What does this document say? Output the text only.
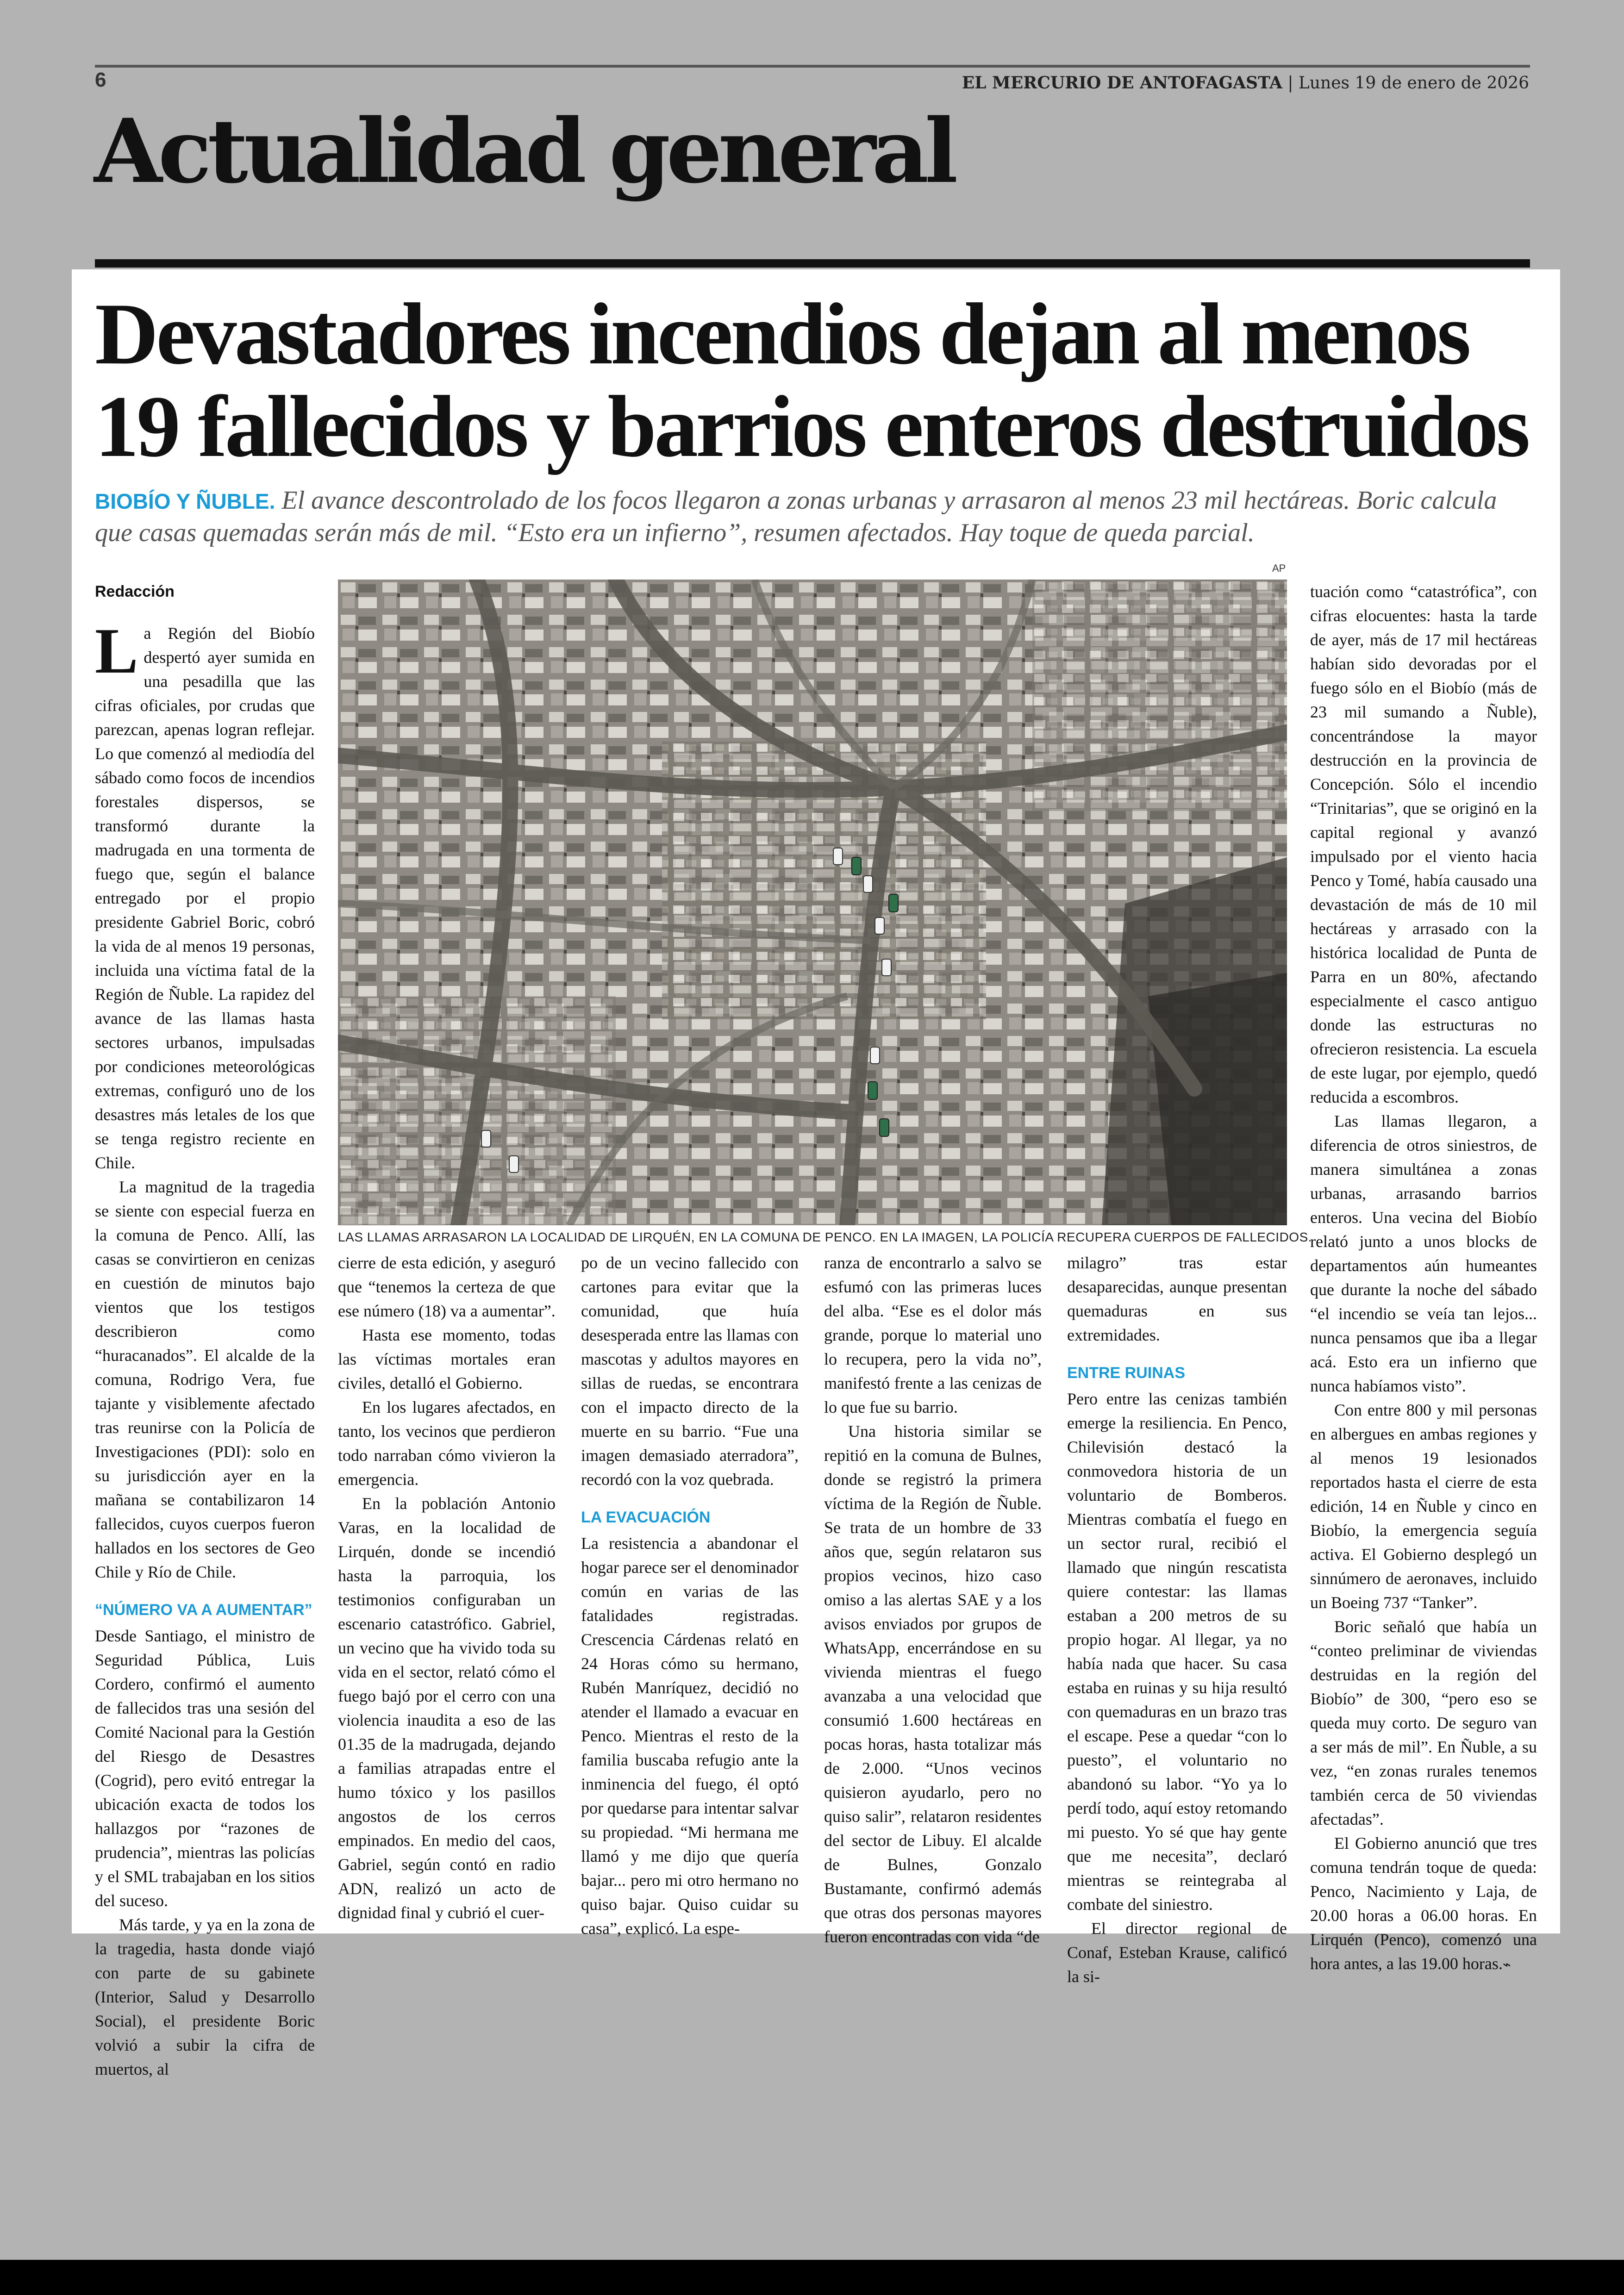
6	EL MERCURIO DE ANTOFAGASTA | Lunes 19 de enero de 2026
Actualidad general
Devastadores incendios dejan al menos
19 fallecidos y barrios enteros destruidos
BIOBÍO Y ÑUBLE. El avance descontrolado de los focos llegaron a zonas urbanas y arrasaron al menos 23 mil hectáreas. Boric calcula que casas quemadas serán más de mil. “Esto era un infierno”, resumen afectados. Hay toque de queda parcial.
AP
LAS LLAMAS ARRASARON LA LOCALIDAD DE LIRQUÉN, EN LA COMUNA DE PENCO. EN LA IMAGEN, LA POLICÍA RECUPERA CUERPOS DE FALLECIDOS.

Redacción

La Región del Biobío despertó ayer sumida en una pesadilla que las cifras oficiales, por crudas que parezcan, apenas logran reflejar. Lo que comenzó al mediodía del sábado como focos de incendios forestales dispersos, se transformó durante la madrugada en una tormenta de fuego que, según el balance entregado por el propio presidente Gabriel Boric, cobró la vida de al menos 19 personas, incluida una víctima fatal de la Región de Ñuble. La rapidez del avance de las llamas hasta sectores urbanos, impulsadas por condiciones meteorológicas extremas, configuró uno de los desastres más letales de los que se tenga registro reciente en Chile.

La magnitud de la tragedia se siente con especial fuerza en la comuna de Penco. Allí, las casas se convirtieron en cenizas en cuestión de minutos bajo vientos que los testigos describieron como “huracanados”. El alcalde de la comuna, Rodrigo Vera, fue tajante y visiblemente afectado tras reunirse con la Policía de Investigaciones (PDI): solo en su jurisdicción ayer en la mañana se contabilizaron 14 fallecidos, cuyos cuerpos fueron hallados en los sectores de Geo Chile y Río de Chile.

“NÚMERO VA A AUMENTAR”

Desde Santiago, el ministro de Seguridad Pública, Luis Cordero, confirmó el aumento de fallecidos tras una sesión del Comité Nacional para la Gestión del Riesgo de Desastres (Cogrid), pero evitó entregar la ubicación exacta de todos los hallazgos por “razones de prudencia”, mientras las policías y el SML trabajaban en los sitios del suceso.

Más tarde, y ya en la zona de la tragedia, hasta donde viajó con parte de su gabinete (Interior, Salud y Desarrollo Social), el presidente Boric volvió a subir la cifra de muertos, al

cierre de esta edición, y aseguró que “tenemos la certeza de que ese número (18) va a aumentar”.

Hasta ese momento, todas las víctimas mortales eran civiles, detalló el Gobierno.

En los lugares afectados, en tanto, los vecinos que perdieron todo narraban cómo vivieron la emergencia.

En la población Antonio Varas, en la localidad de Lirquén, donde se incendió hasta la parroquia, los testimonios configuraban un escenario catastrófico. Gabriel, un vecino que ha vivido toda su vida en el sector, relató cómo el fuego bajó por el cerro con una violencia inaudita a eso de las 01.35 de la madrugada, dejando a familias atrapadas entre el humo tóxico y los pasillos angostos de los cerros empinados. En medio del caos, Gabriel, según contó en radio ADN, realizó un acto de dignidad final y cubrió el cuer-

po de un vecino fallecido con cartones para evitar que la comunidad, que huía desesperada entre las llamas con mascotas y adultos mayores en sillas de ruedas, se encontrara con el impacto directo de la muerte en su barrio. “Fue una imagen demasiado aterradora”, recordó con la voz quebrada.

LA EVACUACIÓN

La resistencia a abandonar el hogar parece ser el denominador común en varias de las fatalidades registradas. Crescencia Cárdenas relató en 24 Horas cómo su hermano, Rubén Manríquez, decidió no atender el llamado a evacuar en Penco. Mientras el resto de la familia buscaba refugio ante la inminencia del fuego, él optó por quedarse para intentar salvar su propiedad. “Mi hermana me llamó y me dijo que quería bajar... pero mi otro hermano no quiso bajar. Quiso cuidar su casa”, explicó. La espe-

ranza de encontrarlo a salvo se esfumó con las primeras luces del alba. “Ese es el dolor más grande, porque lo material uno lo recupera, pero la vida no”, manifestó frente a las cenizas de lo que fue su barrio.

Una historia similar se repitió en la comuna de Bulnes, donde se registró la primera víctima de la Región de Ñuble. Se trata de un hombre de 33 años que, según relataron sus propios vecinos, hizo caso omiso a las alertas SAE y a los avisos enviados por grupos de WhatsApp, encerrándose en su vivienda mientras el fuego avanzaba a una velocidad que consumió 1.600 hectáreas en pocas horas, hasta totalizar más de 2.000. “Unos vecinos quisieron ayudarlo, pero no quiso salir”, relataron residentes del sector de Libuy. El alcalde de Bulnes, Gonzalo Bustamante, confirmó además que otras dos personas mayores fueron encontradas con vida “de

milagro” tras estar desaparecidas, aunque presentan quemaduras en sus extremidades.

ENTRE RUINAS

Pero entre las cenizas también emerge la resiliencia. En Penco, Chilevisión destacó la conmovedora historia de un voluntario de Bomberos. Mientras combatía el fuego en un sector rural, recibió el llamado que ningún rescatista quiere contestar: las llamas estaban a 200 metros de su propio hogar. Al llegar, ya no había nada que hacer. Su casa estaba en ruinas y su hija resultó con quemaduras en un brazo tras el escape. Pese a quedar “con lo puesto”, el voluntario no abandonó su labor. “Yo ya lo perdí todo, aquí estoy retomando mi puesto. Yo sé que hay gente que me necesita”, declaró mientras se reintegraba al combate del siniestro.

El director regional de Conaf, Esteban Krause, calificó la si-

tuación como “catastrófica”, con cifras elocuentes: hasta la tarde de ayer, más de 17 mil hectáreas habían sido devoradas por el fuego sólo en el Biobío (más de 23 mil sumando a Ñuble), concentrándose la mayor destrucción en la provincia de Concepción. Sólo el incendio “Trinitarias”, que se originó en la capital regional y avanzó impulsado por el viento hacia Penco y Tomé, había causado una devastación de más de 10 mil hectáreas y arrasado con la histórica localidad de Punta de Parra en un 80%, afectando especialmente el casco antiguo donde las estructuras no ofrecieron resistencia. La escuela de este lugar, por ejemplo, quedó reducida a escombros.

Las llamas llegaron, a diferencia de otros siniestros, de manera simultánea a zonas urbanas, arrasando barrios enteros. Una vecina del Biobío relató junto a unos blocks de departamentos aún humeantes que durante la noche del sábado “el incendio se veía tan lejos... nunca pensamos que iba a llegar acá. Esto era un infierno que nunca habíamos visto”.

Con entre 800 y mil personas en albergues en ambas regiones y al menos 19 lesionados reportados hasta el cierre de esta edición, 14 en Ñuble y cinco en Biobío, la emergencia seguía activa. El Gobierno desplegó un sinnúmero de aeronaves, incluido un Boeing 737 “Tanker”.

Boric señaló que había un “conteo preliminar de viviendas destruidas en la región del Biobío” de 300, “pero eso se queda muy corto. De seguro van a ser más de mil”. En Ñuble, a su vez, “en zonas rurales tenemos también cerca de 50 viviendas afectadas”.

El Gobierno anunció que tres comuna tendrán toque de queda: Penco, Nacimiento y Laja, de 20.00 horas a 06.00 horas. En Lirquén (Penco), comenzó una hora antes, a las 19.00 horas.⌁
